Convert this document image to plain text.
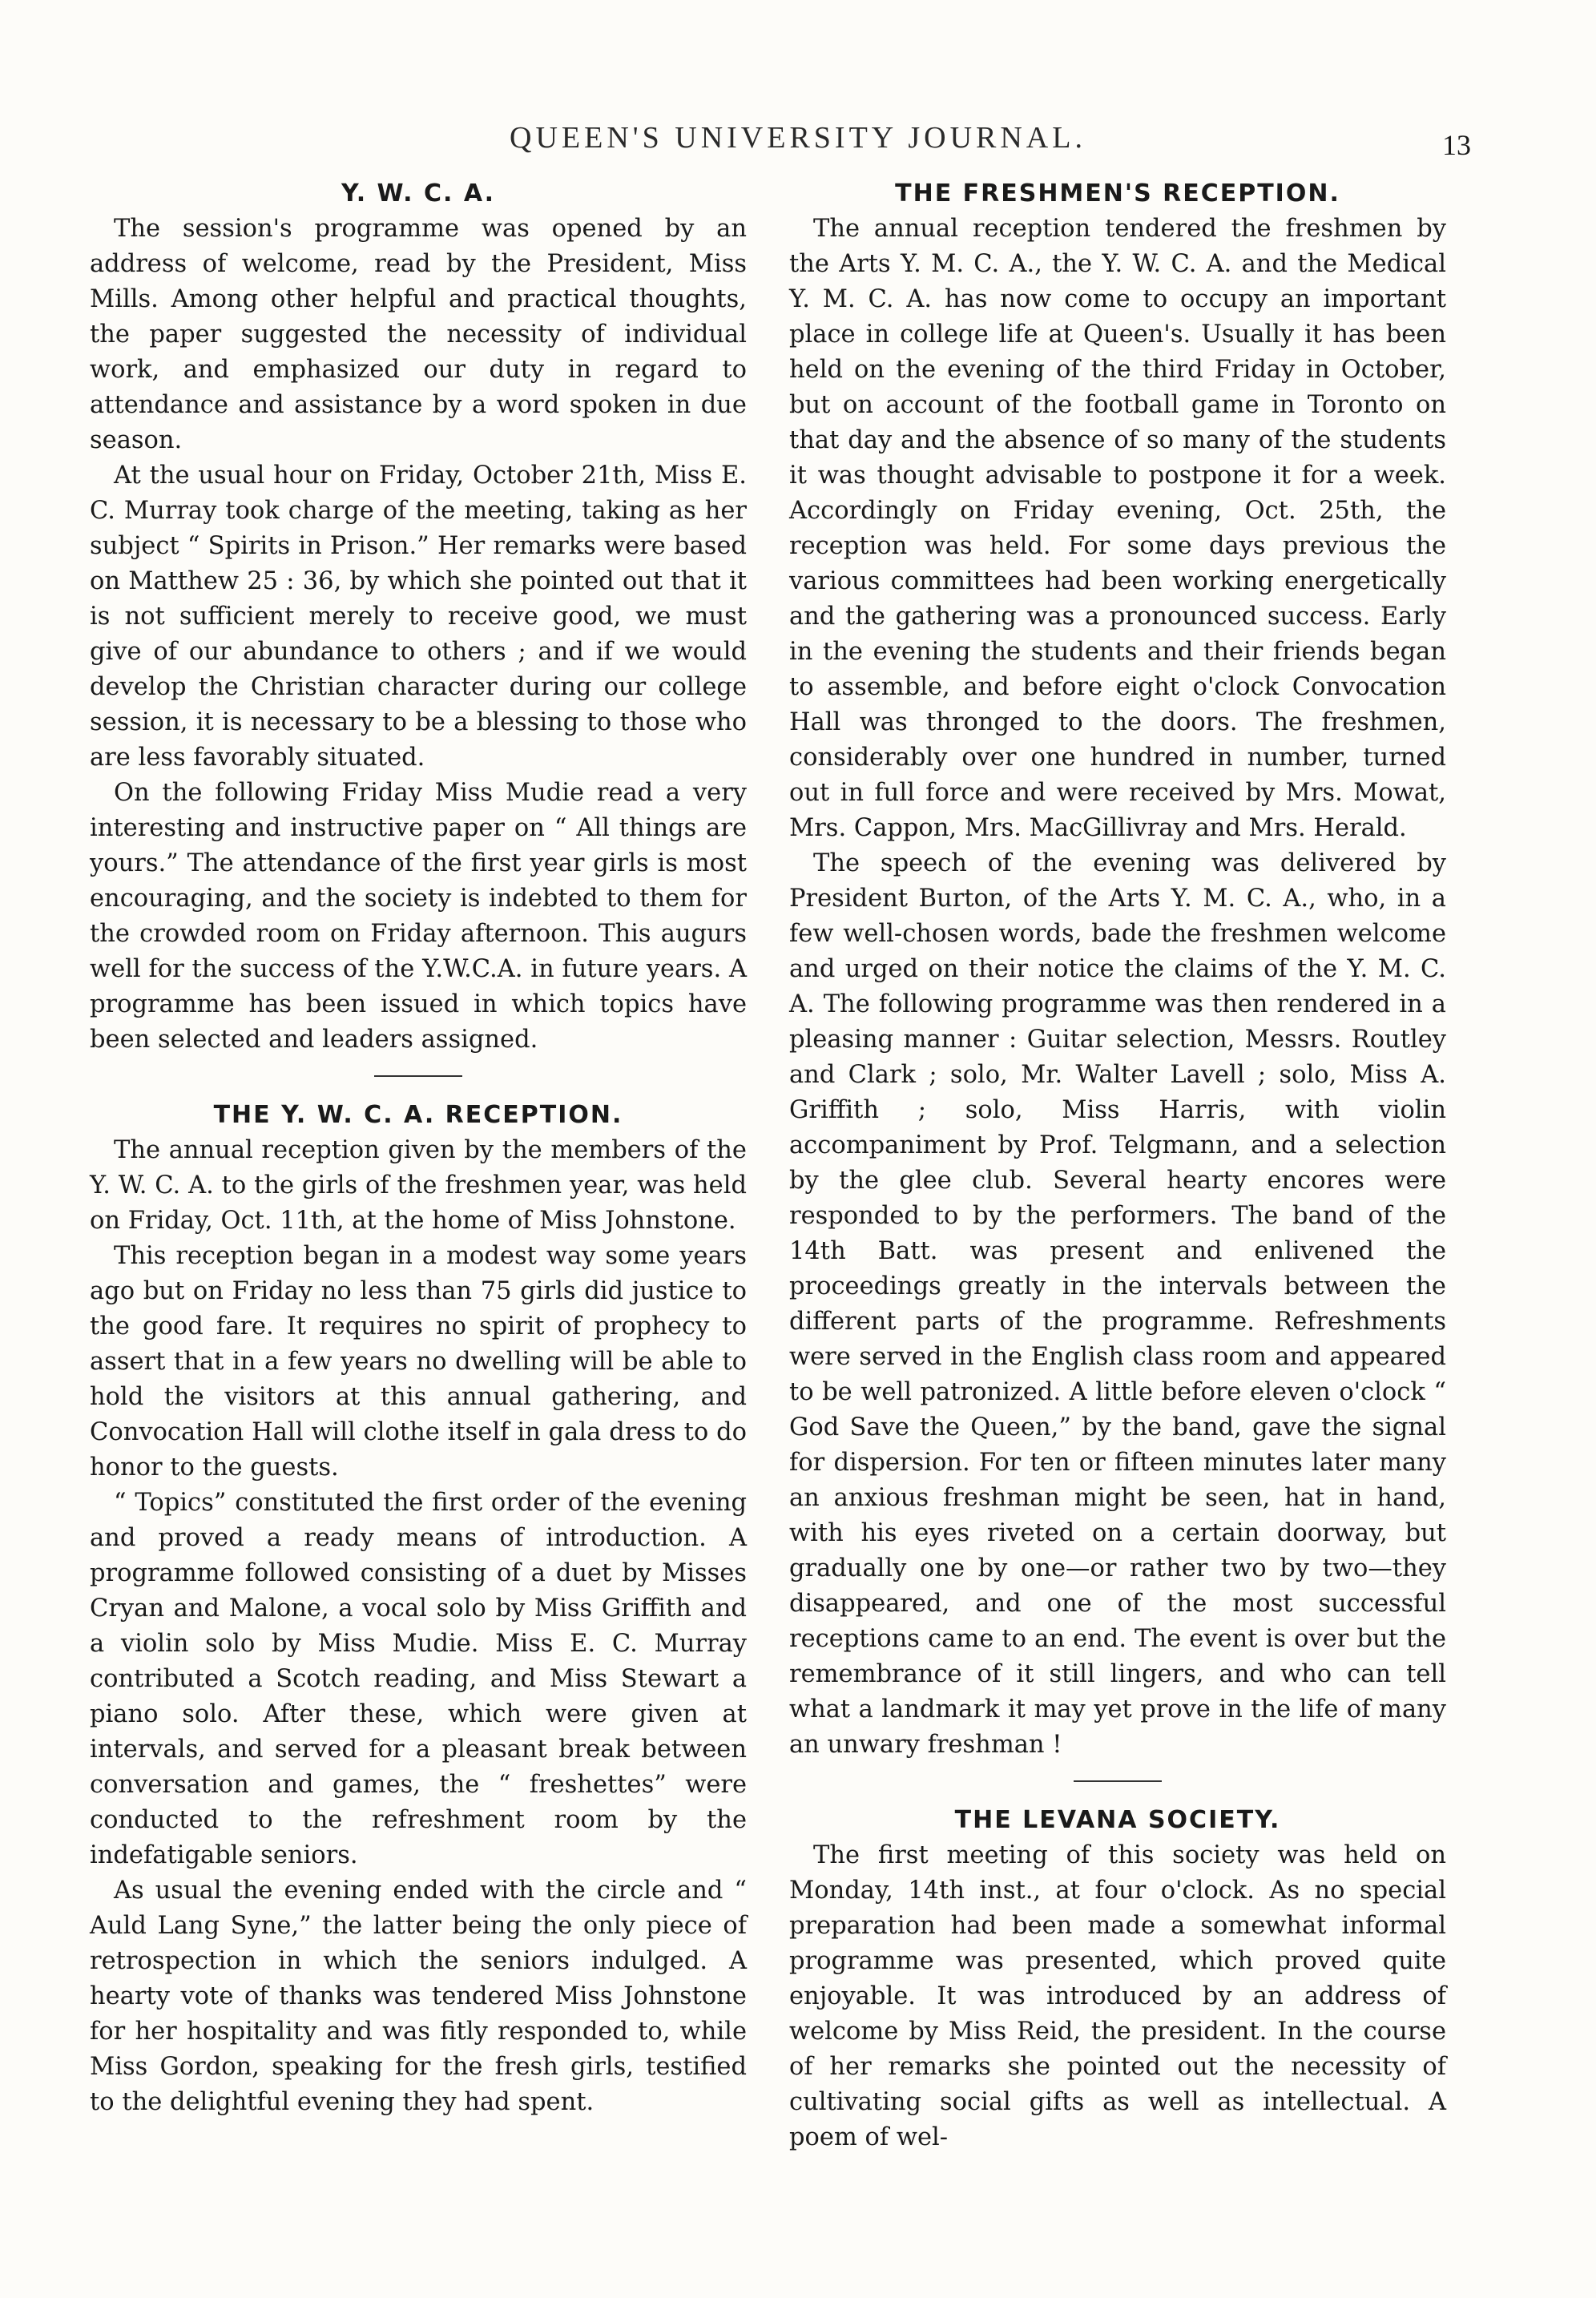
QUEEN'S UNIVERSITY JOURNAL.	13
Y. W. C. A.

The session's programme was opened by an address of welcome, read by the President, Miss Mills. Among other helpful and practical thoughts, the paper suggested the necessity of individual work, and emphasized our duty in regard to attendance and assistance by a word spoken in due season.

At the usual hour on Friday, October 21th, Miss E. C. Murray took charge of the meeting, taking as her subject “ Spirits in Prison.” Her remarks were based on Matthew 25 : 36, by which she pointed out that it is not sufficient merely to receive good, we must give of our abundance to others ; and if we would develop the Christian character during our college session, it is necessary to be a blessing to those who are less favorably situated.

On the following Friday Miss Mudie read a very interesting and instructive paper on “ All things are yours.” The attendance of the first year girls is most encouraging, and the society is indebted to them for the crowded room on Friday afternoon. This augurs well for the success of the Y.W.C.A. in future years. A programme has been issued in which topics have been selected and leaders assigned.

THE Y. W. C. A. RECEPTION.

The annual reception given by the members of the Y. W. C. A. to the girls of the freshmen year, was held on Friday, Oct. 11th, at the home of Miss Johnstone.

This reception began in a modest way some years ago but on Friday no less than 75 girls did justice to the good fare. It requires no spirit of prophecy to assert that in a few years no dwelling will be able to hold the visitors at this annual gathering, and Convocation Hall will clothe itself in gala dress to do honor to the guests.

“ Topics” constituted the first order of the evening and proved a ready means of introduction. A programme followed consisting of a duet by Misses Cryan and Malone, a vocal solo by Miss Griffith and a violin solo by Miss Mudie. Miss E. C. Murray contributed a Scotch reading, and Miss Stewart a piano solo. After these, which were given at intervals, and served for a pleasant break between conversation and games, the “ freshettes” were conducted to the refreshment room by the indefatigable seniors.

As usual the evening ended with the circle and “ Auld Lang Syne,” the latter being the only piece of retrospection in which the seniors indulged. A hearty vote of thanks was tendered Miss Johnstone for her hospitality and was fitly responded to, while Miss Gordon, speaking for the fresh girls, testified to the delightful evening they had spent.

THE FRESHMEN'S RECEPTION.

The annual reception tendered the freshmen by the Arts Y. M. C. A., the Y. W. C. A. and the Medical Y. M. C. A. has now come to occupy an important place in college life at Queen's. Usually it has been held on the evening of the third Friday in October, but on account of the football game in Toronto on that day and the absence of so many of the students it was thought advisable to postpone it for a week. Accordingly on Friday evening, Oct. 25th, the reception was held. For some days previous the various committees had been working energetically and the gathering was a pronounced success. Early in the evening the students and their friends began to assemble, and before eight o'clock Convocation Hall was thronged to the doors. The freshmen, considerably over one hundred in number, turned out in full force and were received by Mrs. Mowat, Mrs. Cappon, Mrs. MacGillivray and Mrs. Herald.

The speech of the evening was delivered by President Burton, of the Arts Y. M. C. A., who, in a few well-chosen words, bade the freshmen welcome and urged on their notice the claims of the Y. M. C. A. The following programme was then rendered in a pleasing manner : Guitar selection, Messrs. Routley and Clark ; solo, Mr. Walter Lavell ; solo, Miss A. Griffith ; solo, Miss Harris, with violin accompaniment by Prof. Telgmann, and a selection by the glee club. Several hearty encores were responded to by the performers. The band of the 14th Batt. was present and enlivened the proceedings greatly in the intervals between the different parts of the programme. Refreshments were served in the English class room and appeared to be well patronized. A little before eleven o'clock “ God Save the Queen,” by the band, gave the signal for dispersion. For ten or fifteen minutes later many an anxious freshman might be seen, hat in hand, with his eyes riveted on a certain doorway, but gradually one by one—or rather two by two—they disappeared, and one of the most successful receptions came to an end. The event is over but the remembrance of it still lingers, and who can tell what a landmark it may yet prove in the life of many an unwary freshman !

THE LEVANA SOCIETY.

The first meeting of this society was held on Monday, 14th inst., at four o'clock. As no special preparation had been made a somewhat informal programme was presented, which proved quite enjoyable. It was introduced by an address of welcome by Miss Reid, the president. In the course of her remarks she pointed out the necessity of cultivating social gifts as well as intellectual. A poem of wel-
